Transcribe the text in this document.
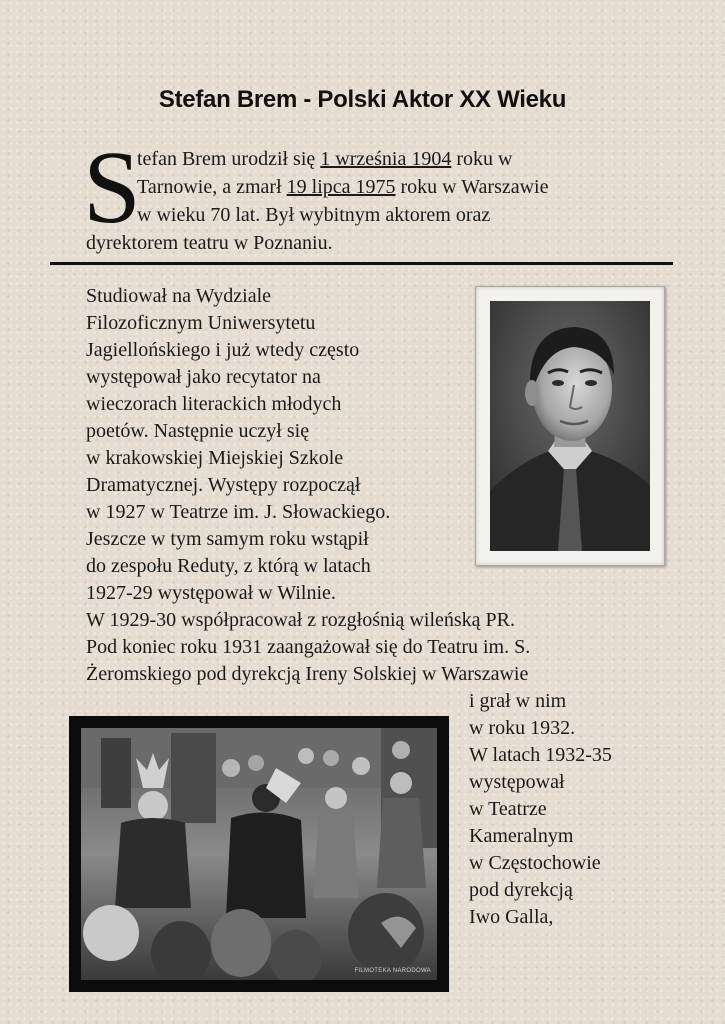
Stefan Brem - Polski Aktor XX Wieku
S
tefan Brem urodził się 1 września 1904 roku w
Tarnowie, a zmarł 19 lipca 1975 roku w Warszawie
w wieku 70 lat. Był wybitnym aktorem oraz
dyrektorem teatru w Poznaniu.
Studiował na Wydziale
Filozoficznym Uniwersytetu
Jagiellońskiego i już wtedy często
występował jako recytator na
wieczorach literackich młodych
poetów. Następnie uczył się
w krakowskiej Miejskiej Szkole
Dramatycznej. Występy rozpoczął
w 1927 w Teatrze im. J. Słowackiego.
Jeszcze w tym samym roku wstąpił
do zespołu Reduty, z którą w latach
1927-29 występował w Wilnie.
W 1929-30 współpracował z rozgłośnią wileńską PR.
Pod koniec roku 1931 zaangażował się do Teatru im. S.
Żeromskiego pod dyrekcją Ireny Solskiej w Warszawie
i grał w nim
w roku 1932.
W latach 1932-35
występował
w Teatrze
Kameralnym
w Częstochowie
pod dyrekcją
Iwo Galla,
FILMOTEKA NARODOWA
